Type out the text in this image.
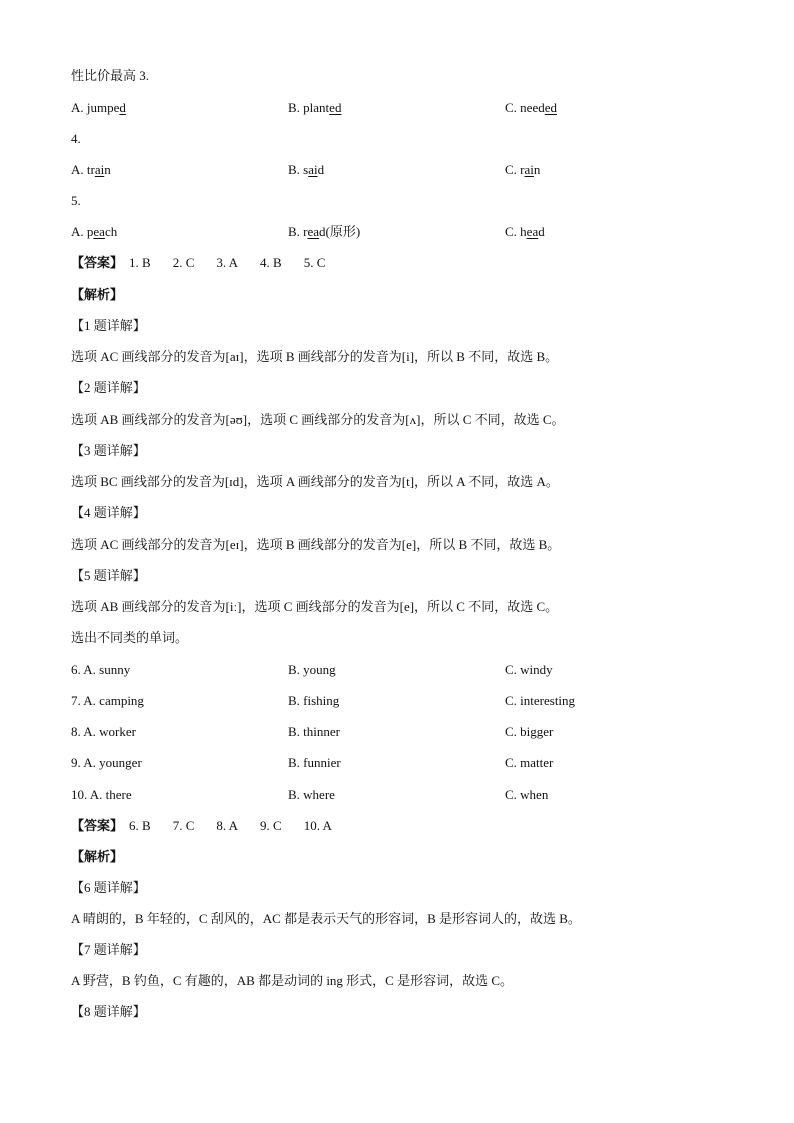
性比价最高 3.
A. jumped	B. planted	C. needed
4.
A. train	B. said	C. rain
5.
A. peach	B. read(原形)	C. head
【答案】 1. B 2. C 3. A 4. B 5. C
【解析】
【1 题详解】
选项 AC 画线部分的发音为[aɪ]，选项 B 画线部分的发音为[i]，所以 B 不同，故选 B。
【2 题详解】
选项 AB 画线部分的发音为[əʊ]，选项 C 画线部分的发音为[ʌ]，所以 C 不同，故选 C。
【3 题详解】
选项 BC 画线部分的发音为[ɪd]，选项 A 画线部分的发音为[t]，所以 A 不同，故选 A。
【4 题详解】
选项 AC 画线部分的发音为[eɪ]，选项 B 画线部分的发音为[e]，所以 B 不同，故选 B。
【5 题详解】
选项 AB 画线部分的发音为[iː]，选项 C 画线部分的发音为[e]，所以 C 不同，故选 C。
选出不同类的单词。
6. A. sunny	B. young	C. windy
7. A. camping	B. fishing	C. interesting
8. A. worker	B. thinner	C. bigger
9. A. younger	B. funnier	C. matter
10. A. there	B. where	C. when
【答案】 6. B 7. C 8. A 9. C 10. A
【解析】
【6 题详解】
A 晴朗的，B 年轻的，C 刮风的，AC 都是表示天气的形容词，B 是形容词人的，故选 B。
【7 题详解】
A 野营，B 钓鱼，C 有趣的，AB 都是动词的 ing 形式，C 是形容词，故选 C。
【8 题详解】
